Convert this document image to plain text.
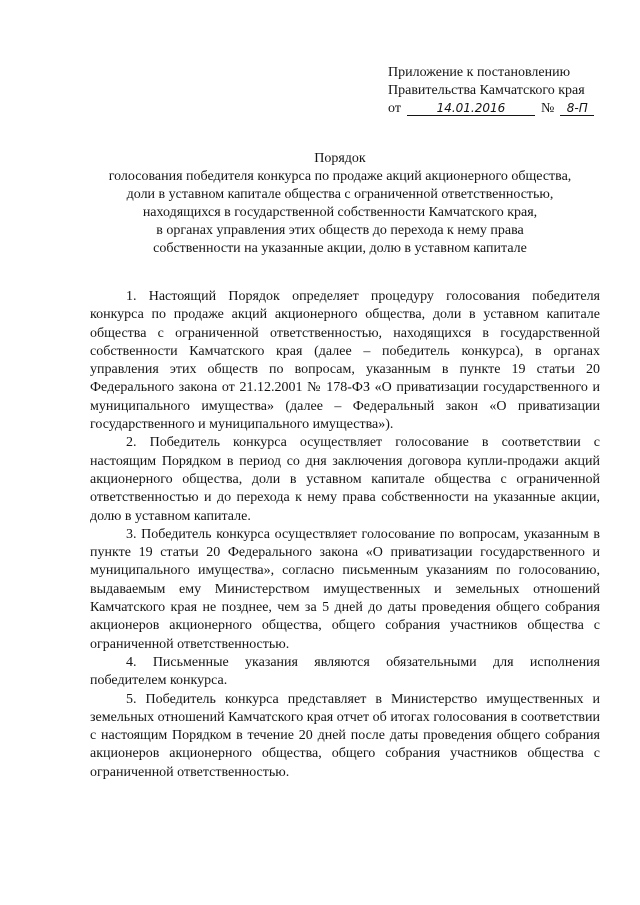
Приложение к постановлению
Правительства Камчатского края
от	14.01.2016	№	8-П
Порядок
голосования победителя конкурса по продаже акций акционерного общества,
доли в уставном капитале общества с ограниченной ответственностью,
находящихся в государственной собственности Камчатского края,
в органах управления этих обществ до перехода к нему права
собственности на указанные акции, долю в уставном капитале

1. Настоящий Порядок определяет процедуру голосования победителя конкурса по продаже акций акционерного общества, доли в уставном капитале общества с ограниченной ответственностью, находящихся в государственной собственности Камчатского края (далее – победитель конкурса), в органах управления этих обществ по вопросам, указанным в пункте 19 статьи 20 Федерального закона от 21.12.2001 № 178-ФЗ «О приватизации государственного и муниципального имущества» (далее – Федеральный закон «О приватизации государственного и муниципального имущества»).

2. Победитель конкурса осуществляет голосование в соответствии с настоящим Порядком в период со дня заключения договора купли-продажи акций акционерного общества, доли в уставном капитале общества с ограниченной ответственностью и до перехода к нему права собственности на указанные акции, долю в уставном капитале.

3. Победитель конкурса осуществляет голосование по вопросам, указанным в пункте 19 статьи 20 Федерального закона «О приватизации государственного и муниципального имущества», согласно письменным указаниям по голосованию, выдаваемым ему Министерством имущественных и земельных отношений Камчатского края не позднее, чем за 5 дней до даты проведения общего собрания акционеров акционерного общества, общего собрания участников общества с ограниченной ответственностью.

4. Письменные указания являются обязательными для исполнения победителем конкурса.

5. Победитель конкурса представляет в Министерство имущественных и земельных отношений Камчатского края отчет об итогах голосования в соответствии с настоящим Порядком в течение 20 дней после даты проведения общего собрания акционеров акционерного общества, общего собрания участников общества с ограниченной ответственностью.
